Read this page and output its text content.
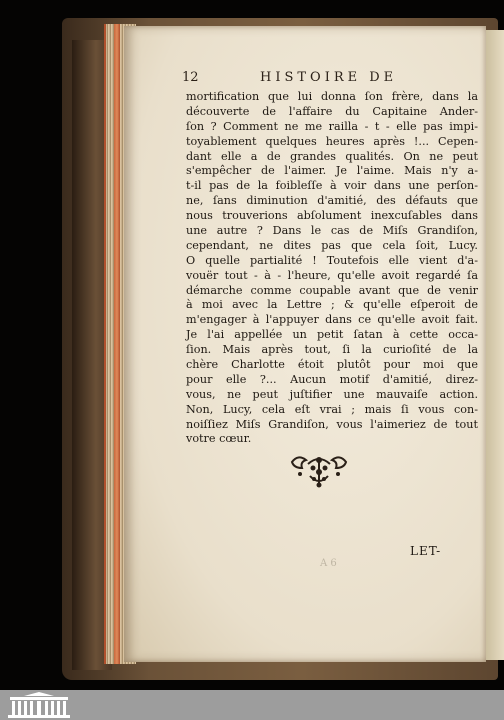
12	HISTOIRE DE
mortification que lui donna ſon frère, dans la
découverte de l'affaire du Capitaine Ander-
ſon ? Comment ne me railla - t - elle pas impi-
toyablement quelques heures après !... Cepen-
dant elle a de grandes qualités. On ne peut
s'empêcher de l'aimer. Je l'aime. Mais n'y a-
t-il pas de la foibleſſe à voir dans une perſon-
ne, ſans diminution d'amitié, des défauts que
nous trouverions abſolument inexcuſables dans
une autre ? Dans le cas de Miſs Grandiſon,
cependant, ne dites pas que cela ſoit, Lucy.
O quelle partialité ! Toutefois elle vient d'a-
vouër tout - à - l'heure, qu'elle avoit regardé ſa
démarche comme coupable avant que de venir
à moi avec la Lettre ; & qu'elle eſperoit de
m'engager à l'appuyer dans ce qu'elle avoit fait.
Je l'ai appellée un petit ſatan à cette occa-
ſion. Mais après tout, ſi la curioſité de la
chère Charlotte étoit plutôt pour moi que
pour elle ?... Aucun motif d'amitié, direz-
vous, ne peut juſtifier une mauvaiſe action.
Non, Lucy, cela eſt vrai ; mais ſi vous con-
noiſſiez Miſs Grandiſon, vous l'aimeriez de tout
votre cœur.
A 6
LET-
